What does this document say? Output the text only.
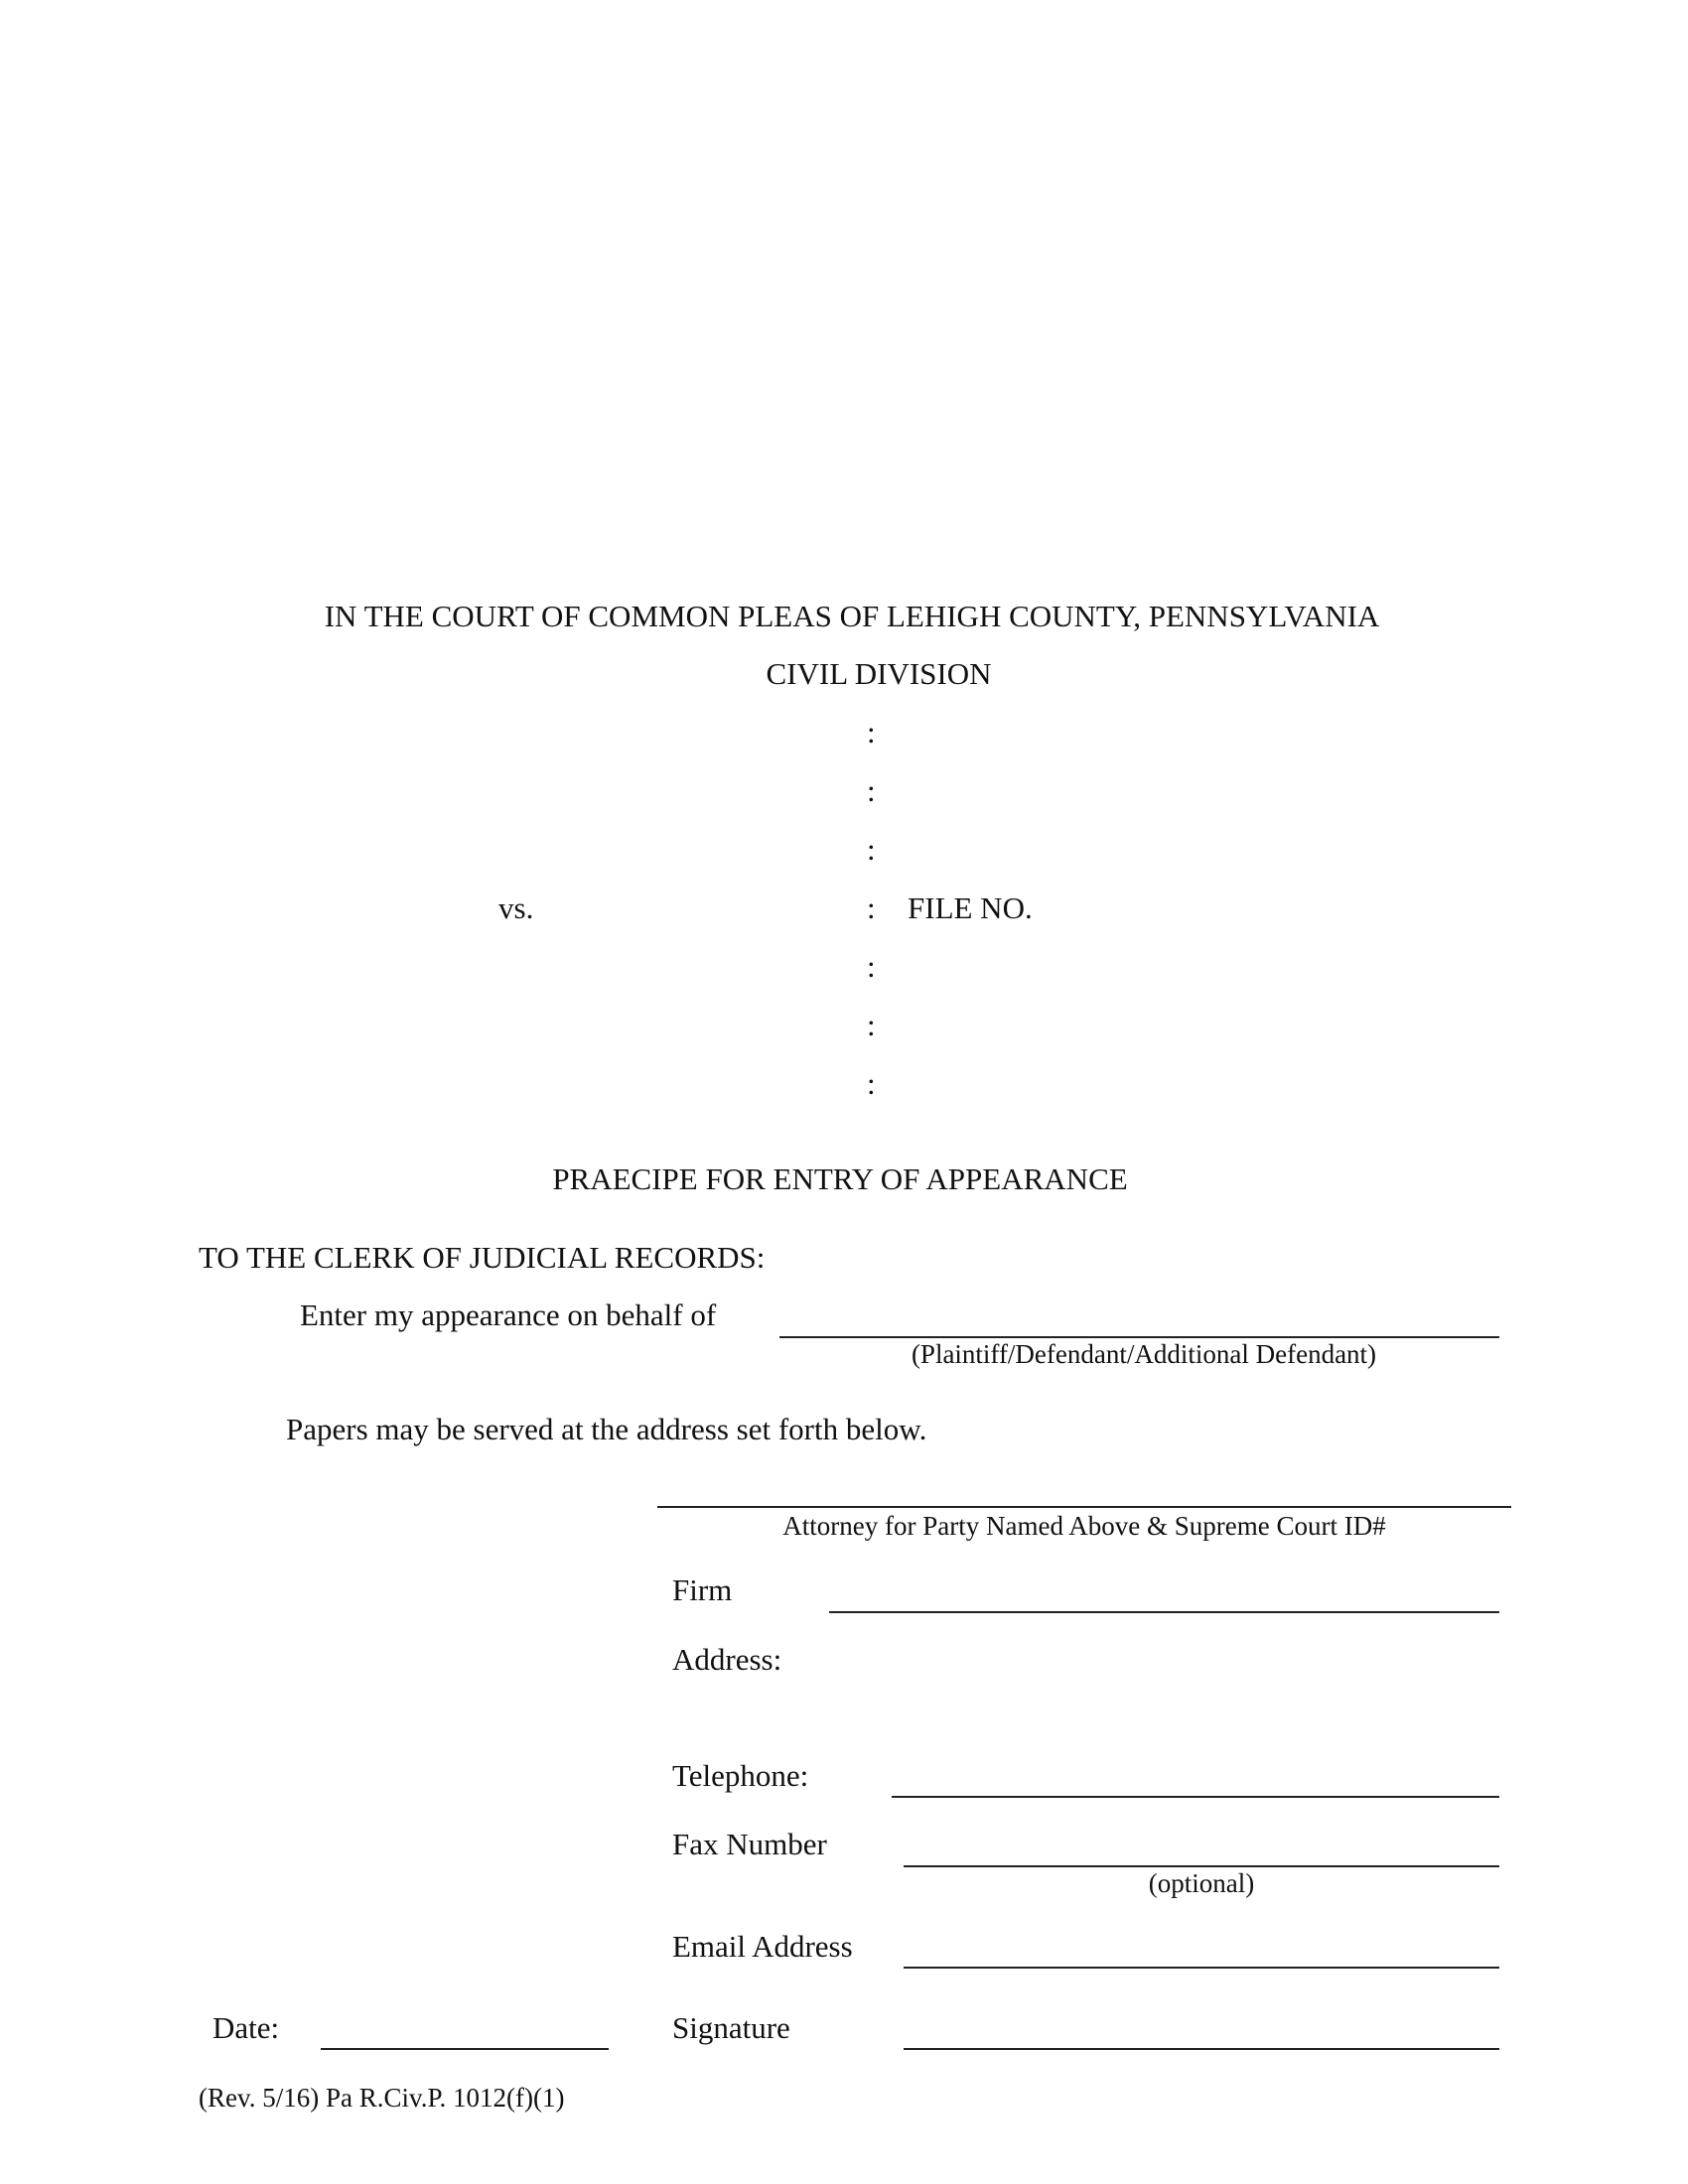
IN THE COURT OF COMMON PLEAS OF LEHIGH COUNTY, PENNSYLVANIA
CIVIL DIVISION
:
:
:
:
:
:
:
vs.	FILE NO.
PRAECIPE FOR ENTRY OF APPEARANCE
TO THE CLERK OF JUDICIAL RECORDS:
Enter my appearance on behalf of
(Plaintiff/Defendant/Additional Defendant)
Papers may be served at the address set forth below.
Attorney for Party Named Above & Supreme Court ID#
Firm
Address:
Telephone:
Fax Number
(optional)
Email Address
Date:	Signature
(Rev. 5/16) Pa R.Civ.P. 1012(f)(1)
